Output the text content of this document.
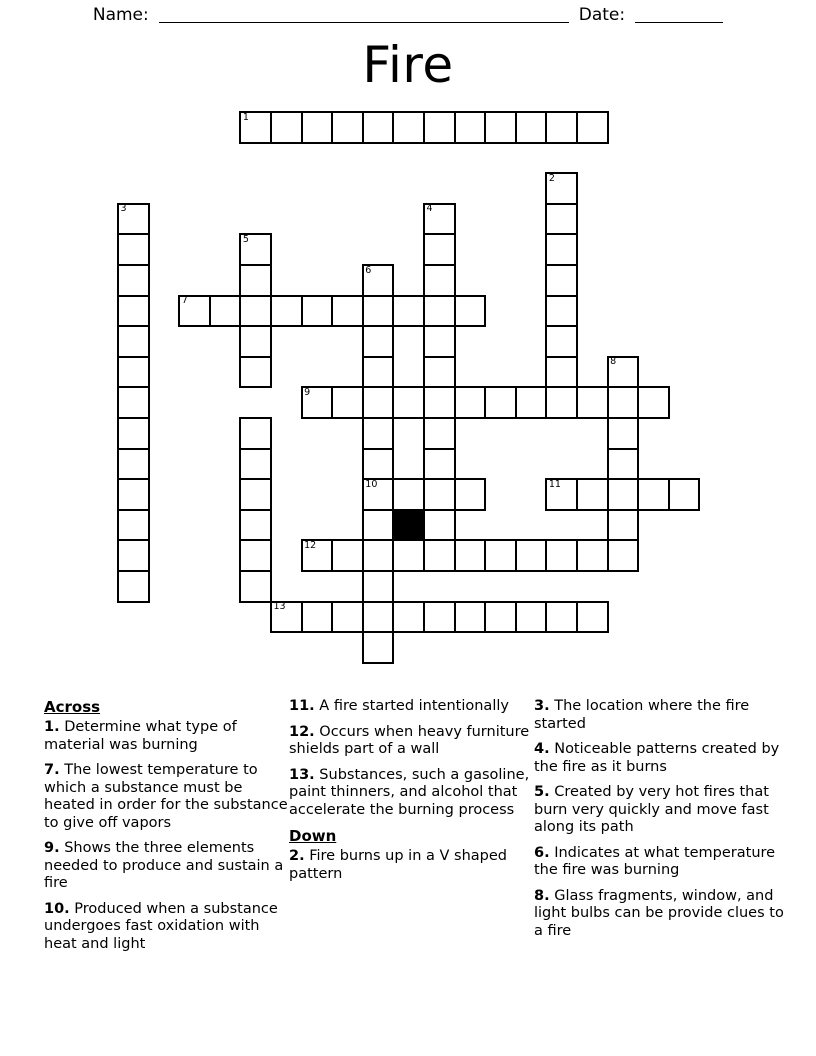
Name:	Date:
Fire
1
2
3	4
5
6
7
8
9
10	11
12
13
Across
1. Determine what type of material was burning
7. The lowest temperature to which a substance must be heated in order for the substance to give off vapors
9. Shows the three elements needed to produce and sustain a fire
10. Produced when a substance undergoes fast oxidation with heat and light
11. A fire started intentionally
12. Occurs when heavy furniture shields part of a wall
13. Substances, such a gasoline, paint thinners, and alcohol that accelerate the burning process
Down
2. Fire burns up in a V shaped pattern
3. The location where the fire started
4. Noticeable patterns created by the fire as it burns
5. Created by very hot fires that burn very quickly and move fast along its path
6. Indicates at what temperature the fire was burning
8. Glass fragments, window, and light bulbs can be provide clues to a fire
